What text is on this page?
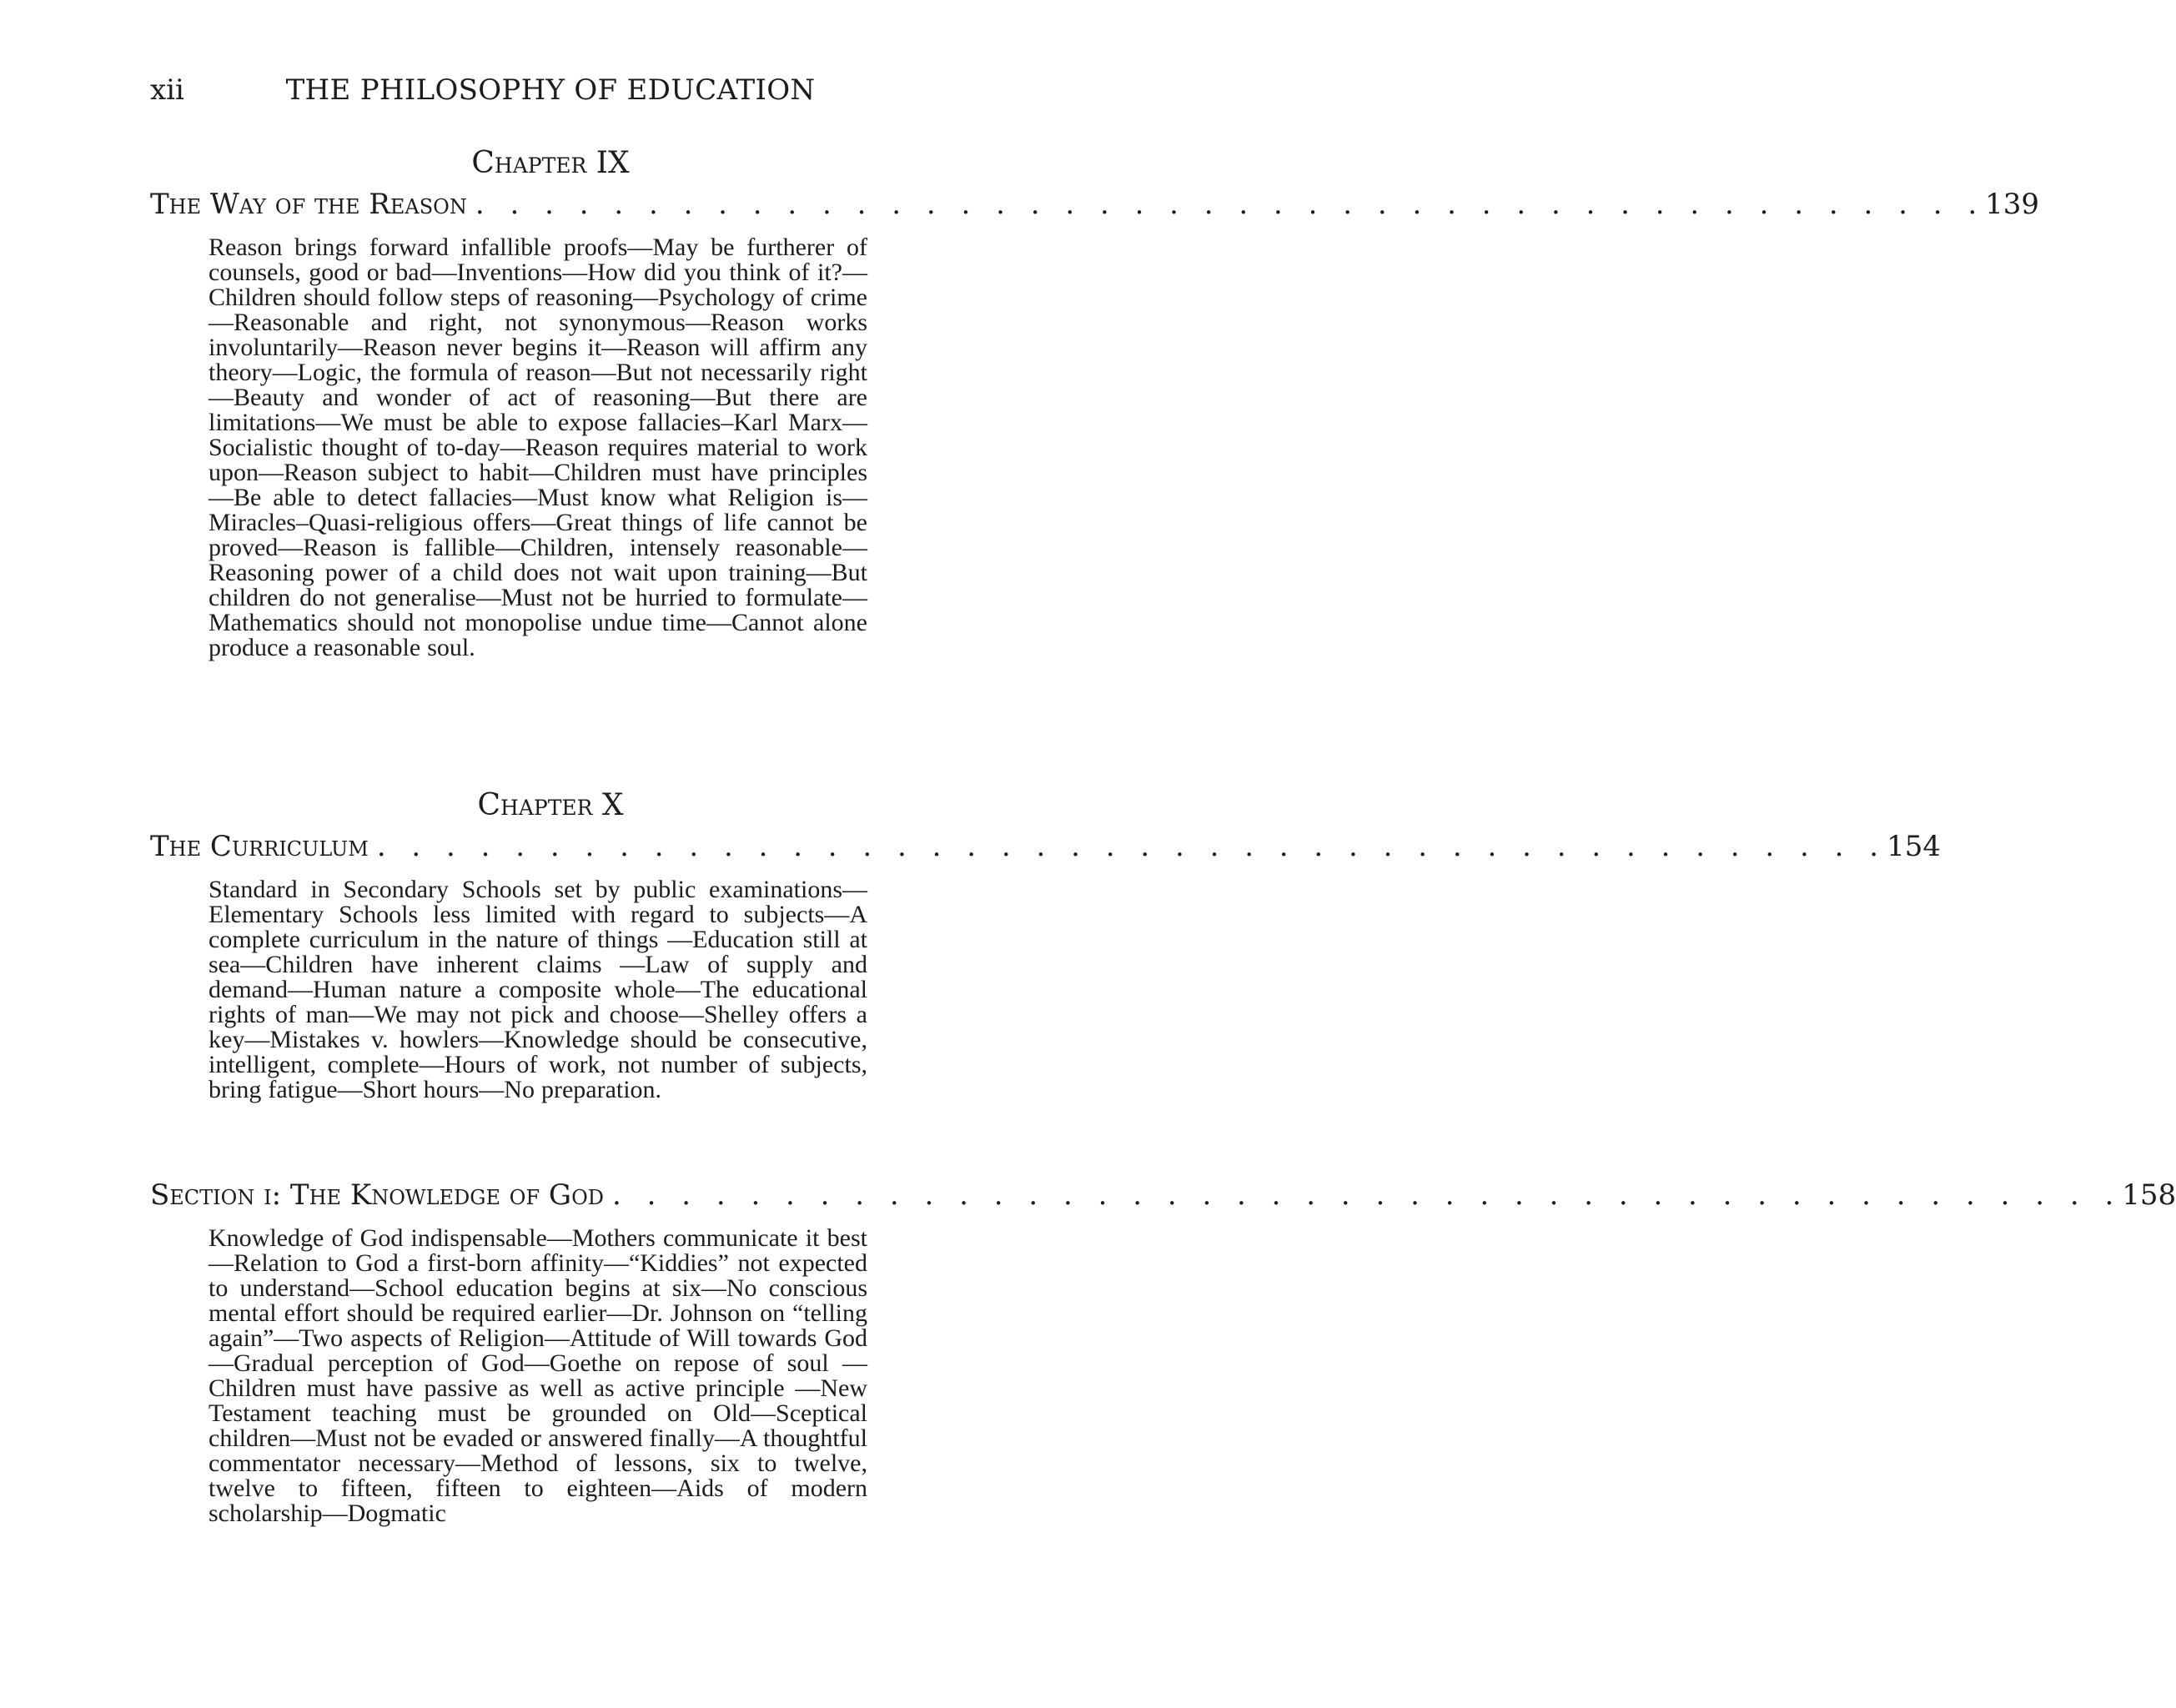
xii	THE PHILOSOPHY OF EDUCATION
Chapter IX
The Way of the Reason . . . . . . . . . . . . . . . . . . . . . . . . . . . . . . . . . . . . . . . . . . . . 139

Reason brings forward infallible proofs—May be furtherer of counsels, good or bad—Inventions—How did you think of it?—Children should follow steps of reasoning—Psychology of crime—Reasonable and right, not synonymous—Reason works involuntarily—Reason never begins it—Reason will affirm any theory—Logic, the formula of reason—But not necessarily right —Beauty and wonder of act of reasoning—But there are limitations—We must be able to expose fallacies–Karl Marx—Socialistic thought of to-day—Reason requires material to work upon—Reason subject to habit—Children must have principles—Be able to detect fallacies—Must know what Religion is—Miracles–Quasi-religious offers—Great things of life cannot be proved—Reason is fallible—Children, intensely reasonable—Reasoning power of a child does not wait upon training—But children do not generalise—Must not be hurried to formulate—Mathematics should not monopolise undue time—Cannot alone produce a reasonable soul.

Chapter X
The Curriculum . . . . . . . . . . . . . . . . . . . . . . . . . . . . . . . . . . . . . . . . . . . . 154

Standard in Secondary Schools set by public examinations—Elementary Schools less limited with regard to subjects—A complete curriculum in the nature of things —Education still at sea—Children have inherent claims —Law of supply and demand—Human nature a composite whole—The educational rights of man—We may not pick and choose—Shelley offers a key—Mistakes v. howlers—Knowledge should be consecutive, intelligent, complete—Hours of work, not number of subjects, bring fatigue—Short hours—No preparation.

Section i: The Knowledge of God . . . . . . . . . . . . . . . . . . . . . . . . . . . . . . . . . . . . . . . . . . . . 158

Knowledge of God indispensable—Mothers communicate it best—Relation to God a first-born affinity—“Kiddies” not expected to understand—School education begins at six—No conscious mental effort should be required earlier—Dr. Johnson on “telling again”—Two aspects of Religion—Attitude of Will towards God —Gradual perception of God—Goethe on repose of soul —Children must have passive as well as active principle —New Testament teaching must be grounded on Old—Sceptical children—Must not be evaded or answered finally—A thoughtful commentator necessary—Method of lessons, six to twelve, twelve to fifteen, fifteen to eighteen—Aids of modern scholarship—Dogmatic
